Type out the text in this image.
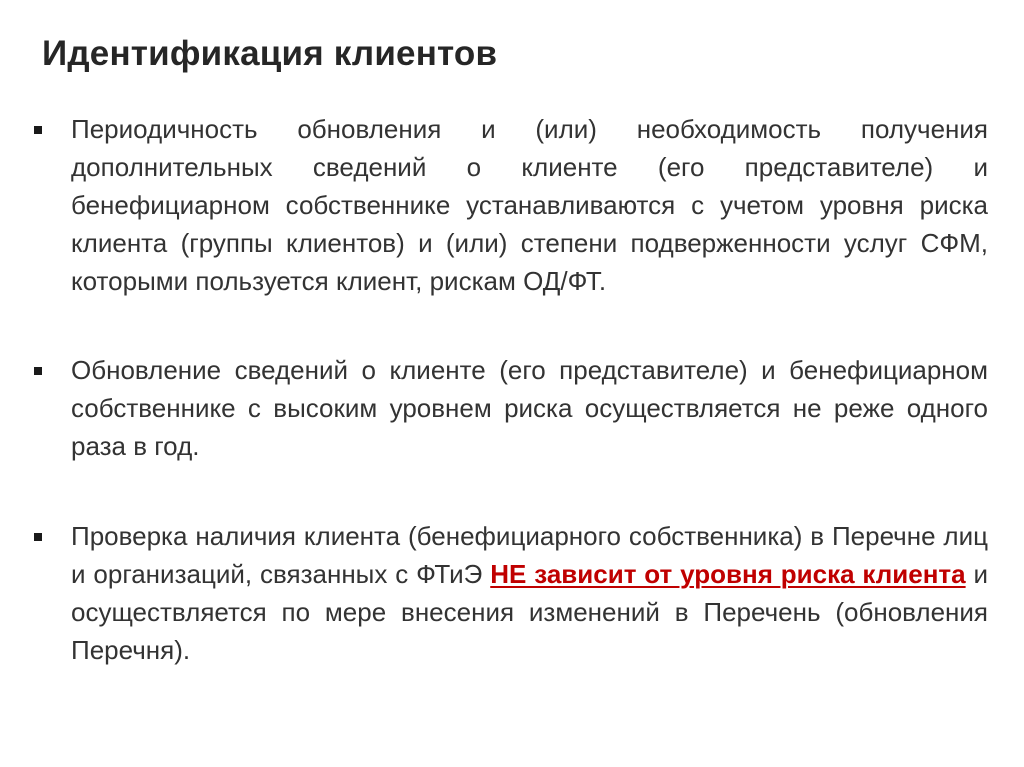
Идентификация клиентов
Периодичность обновления и (или) необходимость получения дополнительных сведений о клиенте (его представителе) и бенефициарном собственнике устанавливаются с учетом уровня риска клиента (группы клиентов) и (или) степени подверженности услуг СФМ, которыми пользуется клиент, рискам ОД/ФТ.
Обновление сведений о клиенте (его представителе) и бенефициарном собственнике с высоким уровнем риска осуществляется не реже одного раза в год.
Проверка наличия клиента (бенефициарного собственника) в Перечне лиц и организаций, связанных с ФТиЭ НЕ зависит от уровня риска клиента и осуществляется по мере внесения изменений в Перечень (обновления Перечня).
